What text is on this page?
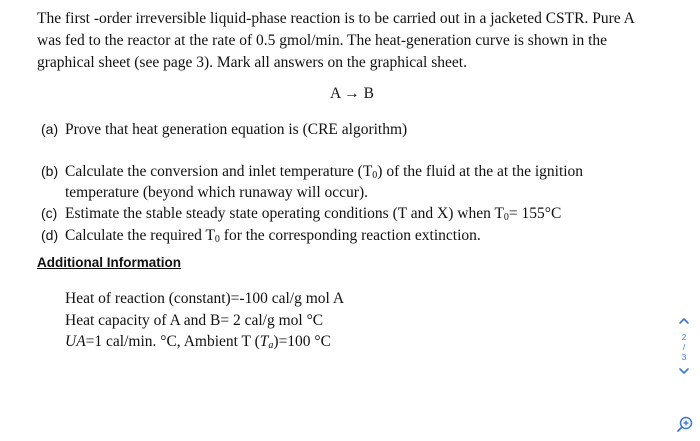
The first -order irreversible liquid-phase reaction is to be carried out in a jacketed CSTR. Pure A
was fed to the reactor at the rate of 0.5 gmol/min. The heat-generation curve is shown in the
graphical sheet (see page 3). Mark all answers on the graphical sheet.
A → B
(a) Prove that heat generation equation is (CRE algorithm)
(b) Calculate the conversion and inlet temperature $(T_0)$ of the fluid at the at the ignition
temperature (beyond which runaway will occur).
(c) Estimate the stable steady state operating conditions (T and X) when $T_0= 155^\circ C$
(d) Calculate the required $T_0$ for the corresponding reaction extinction.
Additional Information
Heat of reaction (constant)=-100 cal/g mol A
Heat capacity of A and B= 2 cal/g mol °C
UA=1 cal/min. °C, Ambient T $(T_a)=100$ °C	2
/
3
